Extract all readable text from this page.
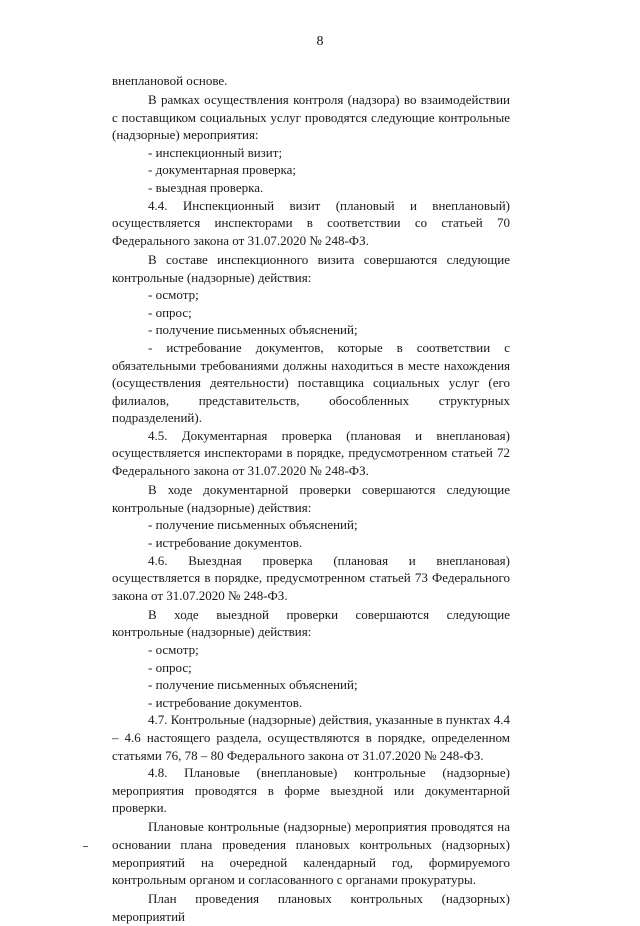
8

внеплановой основе.

В рамках осуществления контроля (надзора) во взаимодействии с поставщиком социальных услуг проводятся следующие контрольные (надзорные) мероприятия:

- инспекционный визит;

- документарная проверка;

- выездная проверка.

4.4. Инспекционный визит (плановый и внеплановый) осуществляется инспекторами в соответствии со статьей 70 Федерального закона от 31.07.2020 № 248-ФЗ.

В составе инспекционного визита совершаются следующие контрольные (надзорные) действия:

- осмотр;

- опрос;

- получение письменных объяснений;

- истребование документов, которые в соответствии с обязательными требованиями должны находиться в месте нахождения (осуществления деятельности) поставщика социальных услуг (его филиалов, представительств, обособленных структурных подразделений).

4.5. Документарная проверка (плановая и внеплановая) осуществляется инспекторами в порядке, предусмотренном статьей 72 Федерального закона от 31.07.2020 № 248-ФЗ.

В ходе документарной проверки совершаются следующие контрольные (надзорные) действия:

- получение письменных объяснений;

- истребование документов.

4.6. Выездная проверка (плановая и внеплановая) осуществляется в порядке, предусмотренном статьей 73 Федерального закона от 31.07.2020 № 248-ФЗ.

В ходе выездной проверки совершаются следующие контрольные (надзорные) действия:

- осмотр;

- опрос;

- получение письменных объяснений;

- истребование документов.

4.7. Контрольные (надзорные) действия, указанные в пунктах 4.4 – 4.6 настоящего раздела, осуществляются в порядке, определенном статьями 76, 78 – 80 Федерального закона от 31.07.2020 № 248-ФЗ.

4.8. Плановые (внеплановые) контрольные (надзорные) мероприятия проводятся в форме выездной или документарной проверки.

Плановые контрольные (надзорные) мероприятия проводятся на основании плана проведения плановых контрольных (надзорных) мероприятий на очередной календарный год, формируемого контрольным органом и согласованного с органами прокуратуры.

План проведения плановых контрольных (надзорных) мероприятий
